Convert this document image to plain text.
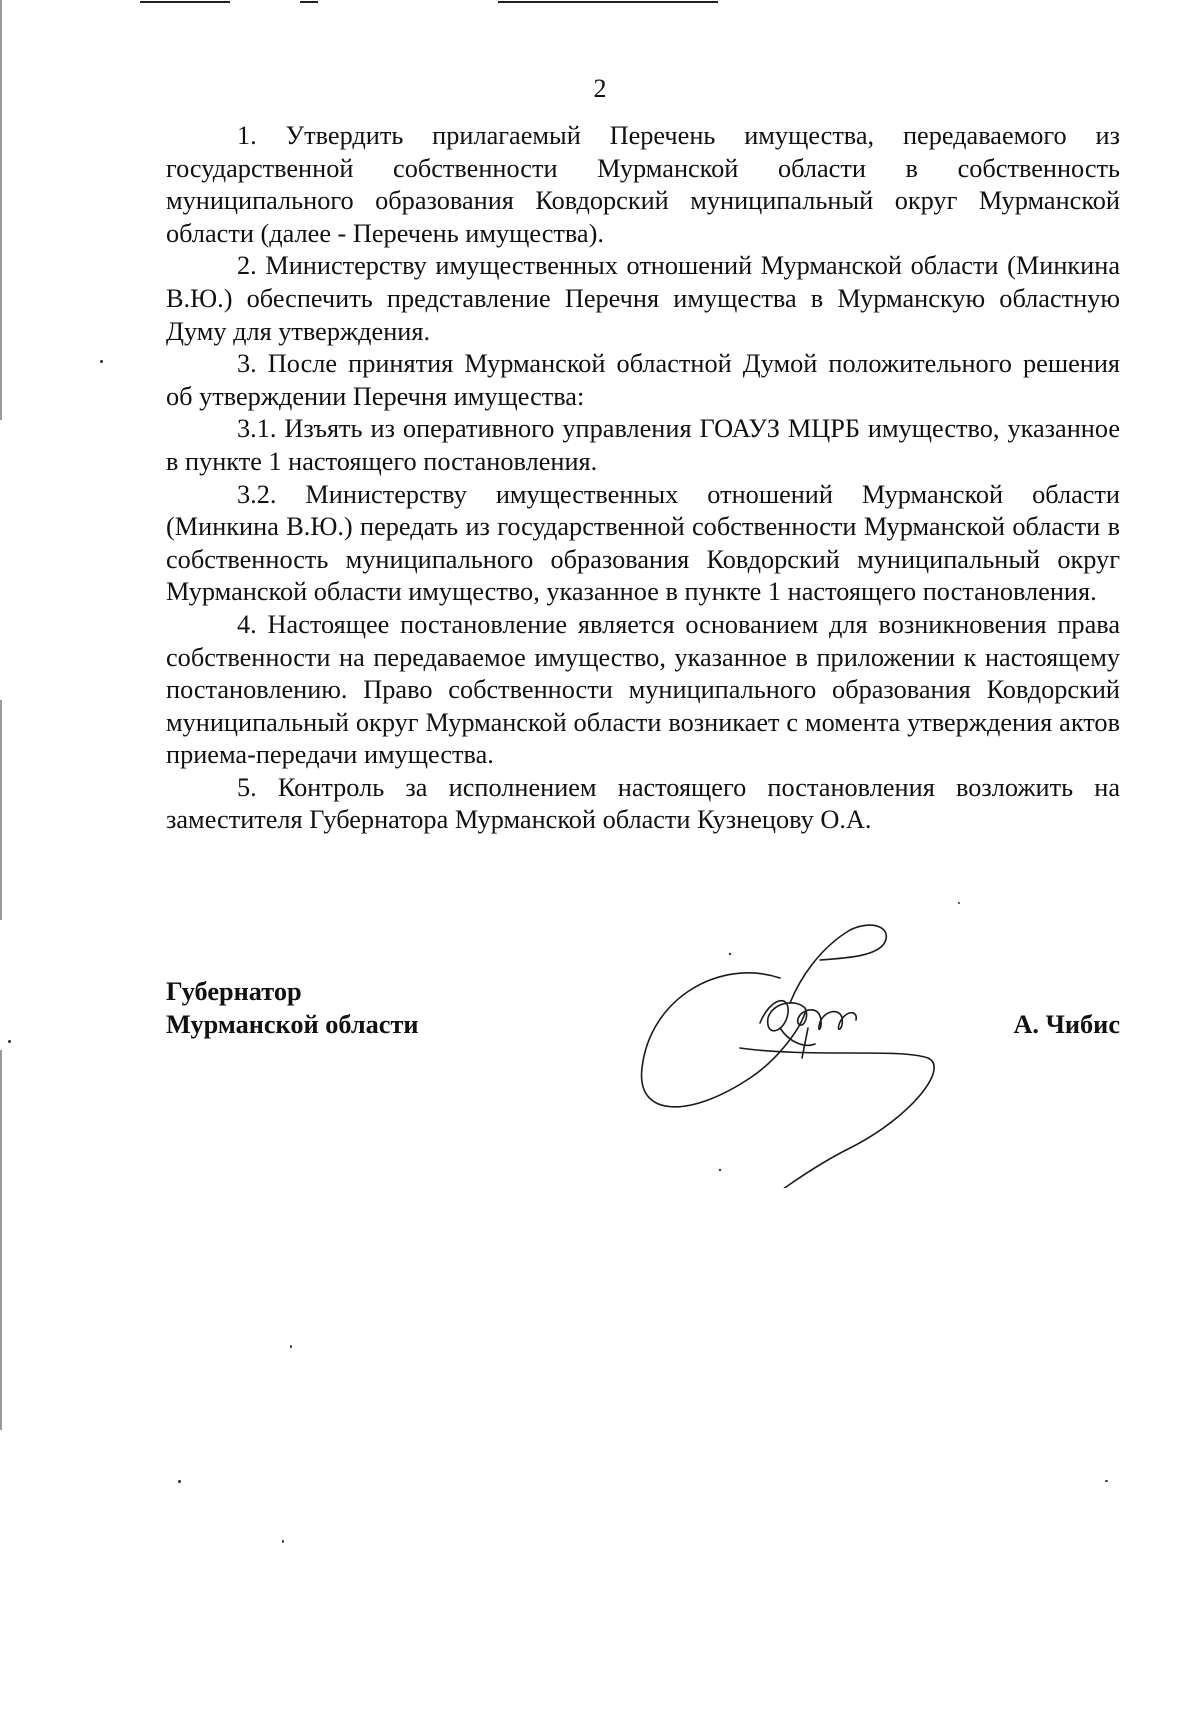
2

1. Утвердить прилагаемый Перечень имущества, передаваемого из государственной собственности Мурманской области в собственность муниципального образования Ковдорский муниципальный округ Мурманской области (далее - Перечень имущества).

2. Министерству имущественных отношений Мурманской области (Минкина В.Ю.) обеспечить представление Перечня имущества в Мурманскую областную Думу для утверждения.

3. После принятия Мурманской областной Думой положительного решения об утверждении Перечня имущества:

3.1. Изъять из оперативного управления ГОАУЗ МЦРБ имущество, указанное в пункте 1 настоящего постановления.

3.2. Министерству имущественных отношений Мурманской области (Минкина В.Ю.) передать из государственной собственности Мурманской области в собственность муниципального образования Ковдорский муниципальный округ Мурманской области имущество, указанное в пункте 1 настоящего постановления.

4. Настоящее постановление является основанием для возникновения права собственности на передаваемое имущество, указанное в приложении к настоящему постановлению. Право собственности муниципального образования Ковдорский муниципальный округ Мурманской области возникает с момента утверждения актов приема-передачи имущества.

5. Контроль за исполнением настоящего постановления возложить на заместителя Губернатора Мурманской области Кузнецову О.А.

Губернатор
Мурманской области	А. Чибис
